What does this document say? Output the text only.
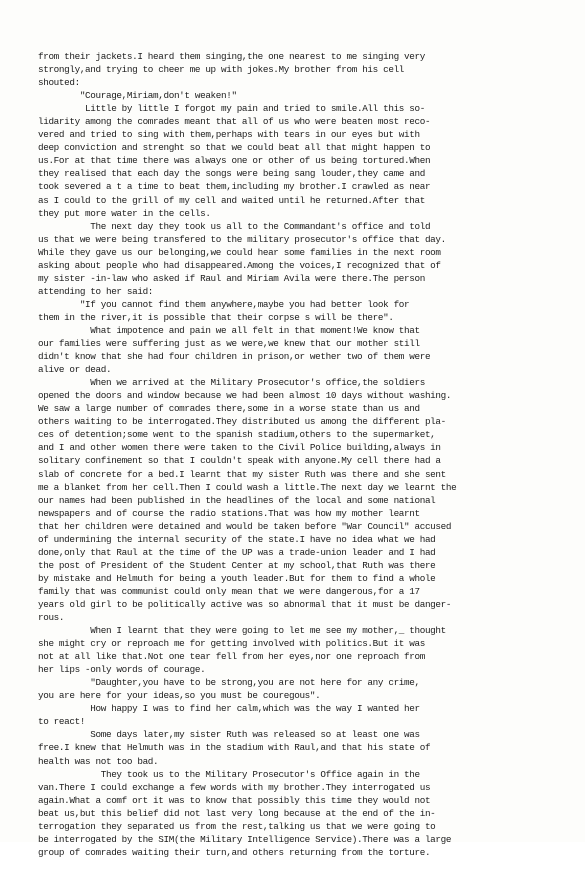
from their jackets.I heard them singing,the one nearest to me singing very
strongly,and trying to cheer me up with jokes.My brother from his cell
shouted:
"Courage,Miriam,don't weaken!"
Little by little I forgot my pain and tried to smile.All this so-
lidarity among the comrades meant that all of us who were beaten most reco-
vered and tried to sing with them,perhaps with tears in our eyes but with
deep conviction and strenght so that we could beat all that might happen to
us.For at that time there was always one or other of us being tortured.When
they realised that each day the songs were being sang louder,they came and
took severed a t a time to beat them,including my brother.I crawled as near
as I could to the grill of my cell and waited until he returned.After that
they put more water in the cells.
The next day they took us all to the Commandant's office and told
us that we were being transfered to the military prosecutor's office that day.
While they gave us our belonging,we could hear some families in the next room
asking about people who had disappeared.Among the voices,I recognized that of
my sister -in-law who asked if Raul and Miriam Avila were there.The person
attending to her said:
"If you cannot find them anywhere,maybe you had better look for
them in the river,it is possible that their corpse s will be there".
What impotence and pain we all felt in that moment!We know that
our families were suffering just as we were,we knew that our mother still
didn't know that she had four children in prison,or wether two of them were
alive or dead.
When we arrived at the Military Prosecutor's office,the soldiers
opened the doors and window because we had been almost 10 days without washing.
We saw a large number of comrades there,some in a worse state than us and
others waiting to be interrogated.They distributed us among the different pla-
ces of detention;some went to the spanish stadium,others to the supermarket,
and I and other women there were taken to the Civil Police building,always in
solitary confinement so that I couldn't speak with anyone.My cell there had a
slab of concrete for a bed.I learnt that my sister Ruth was there and she sent
me a blanket from her cell.Then I could wash a little.The next day we learnt the
our names had been published in the headlines of the local and some national
newspapers and of course the radio stations.That was how my mother learnt
that her children were detained and would be taken before "War Council" accused
of undermining the internal security of the state.I have no idea what we had
done,only that Raul at the time of the UP was a trade-union leader and I had
the post of President of the Student Center at my school,that Ruth was there
by mistake and Helmuth for being a youth leader.But for them to find a whole
family that was communist could only mean that we were dangerous,for a 17
years old girl to be politically active was so abnormal that it must be danger-
rous.
When I learnt that they were going to let me see my mother,_ thought
she might cry or reproach me for getting involved with politics.But it was
not at all like that.Not one tear fell from her eyes,nor one reproach from
her lips -only words of courage.
"Daughter,you have to be strong,you are not here for any crime,
you are here for your ideas,so you must be couregous".
How happy I was to find her calm,which was the way I wanted her
to react!
Some days later,my sister Ruth was released so at least one was
free.I knew that Helmuth was in the stadium with Raul,and that his state of
health was not too bad.
They took us to the Military Prosecutor's Office again in the
van.There I could exchange a few words with my brother.They interrogated us
again.What a comf ort it was to know that possibly this time they would not
beat us,but this belief did not last very long because at the end of the in-
terrogation they separated us from the rest,talking us that we were going to
be interrogated by the SIM(the Military Intelligence Service).There was a large
group of comrades waiting their turn,and others returning from the torture.
